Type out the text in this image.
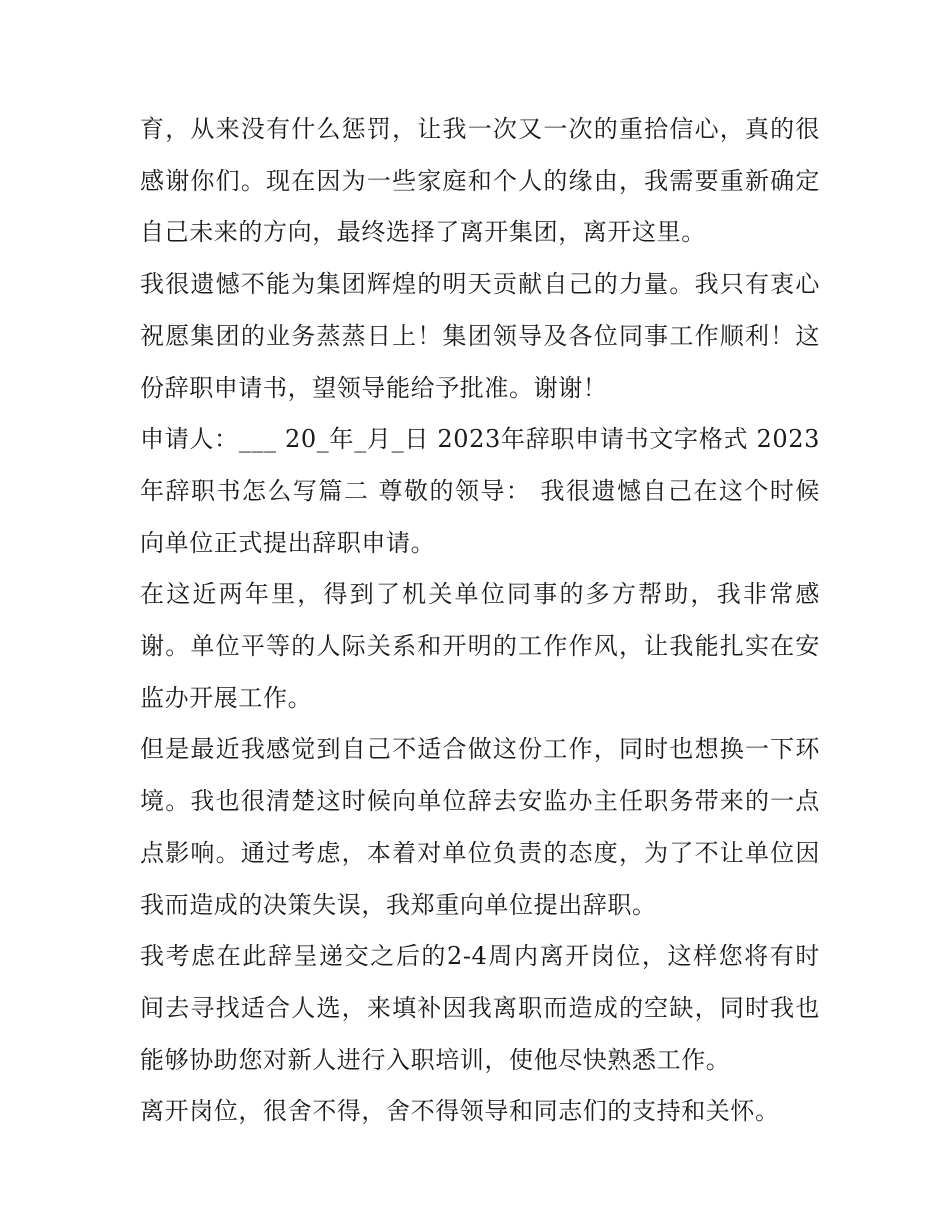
育，从来没有什么惩罚，让我一次又一次的重拾信心，真的很感谢你们。现在因为一些家庭和个人的缘由，我需要重新确定自己未来的方向，最终选择了离开集团，离开这里。

我很遗憾不能为集团辉煌的明天贡献自己的力量。我只有衷心祝愿集团的业务蒸蒸日上！集团领导及各位同事工作顺利！这份辞职申请书，望领导能给予批准。谢谢！

申请人：___ 20_年_月_日 2023年辞职申请书文字格式 2023年辞职书怎么写篇二 尊敬的领导： 我很遗憾自己在这个时候向单位正式提出辞职申请。

在这近两年里，得到了机关单位同事的多方帮助，我非常感谢。单位平等的人际关系和开明的工作作风，让我能扎实在安监办开展工作。

但是最近我感觉到自己不适合做这份工作，同时也想换一下环境。我也很清楚这时候向单位辞去安监办主任职务带来的一点点影响。通过考虑，本着对单位负责的态度，为了不让单位因我而造成的决策失误，我郑重向单位提出辞职。

我考虑在此辞呈递交之后的2-4周内离开岗位，这样您将有时间去寻找适合人选，来填补因我离职而造成的空缺，同时我也能够协助您对新人进行入职培训，使他尽快熟悉工作。

离开岗位，很舍不得，舍不得领导和同志们的支持和关怀。
